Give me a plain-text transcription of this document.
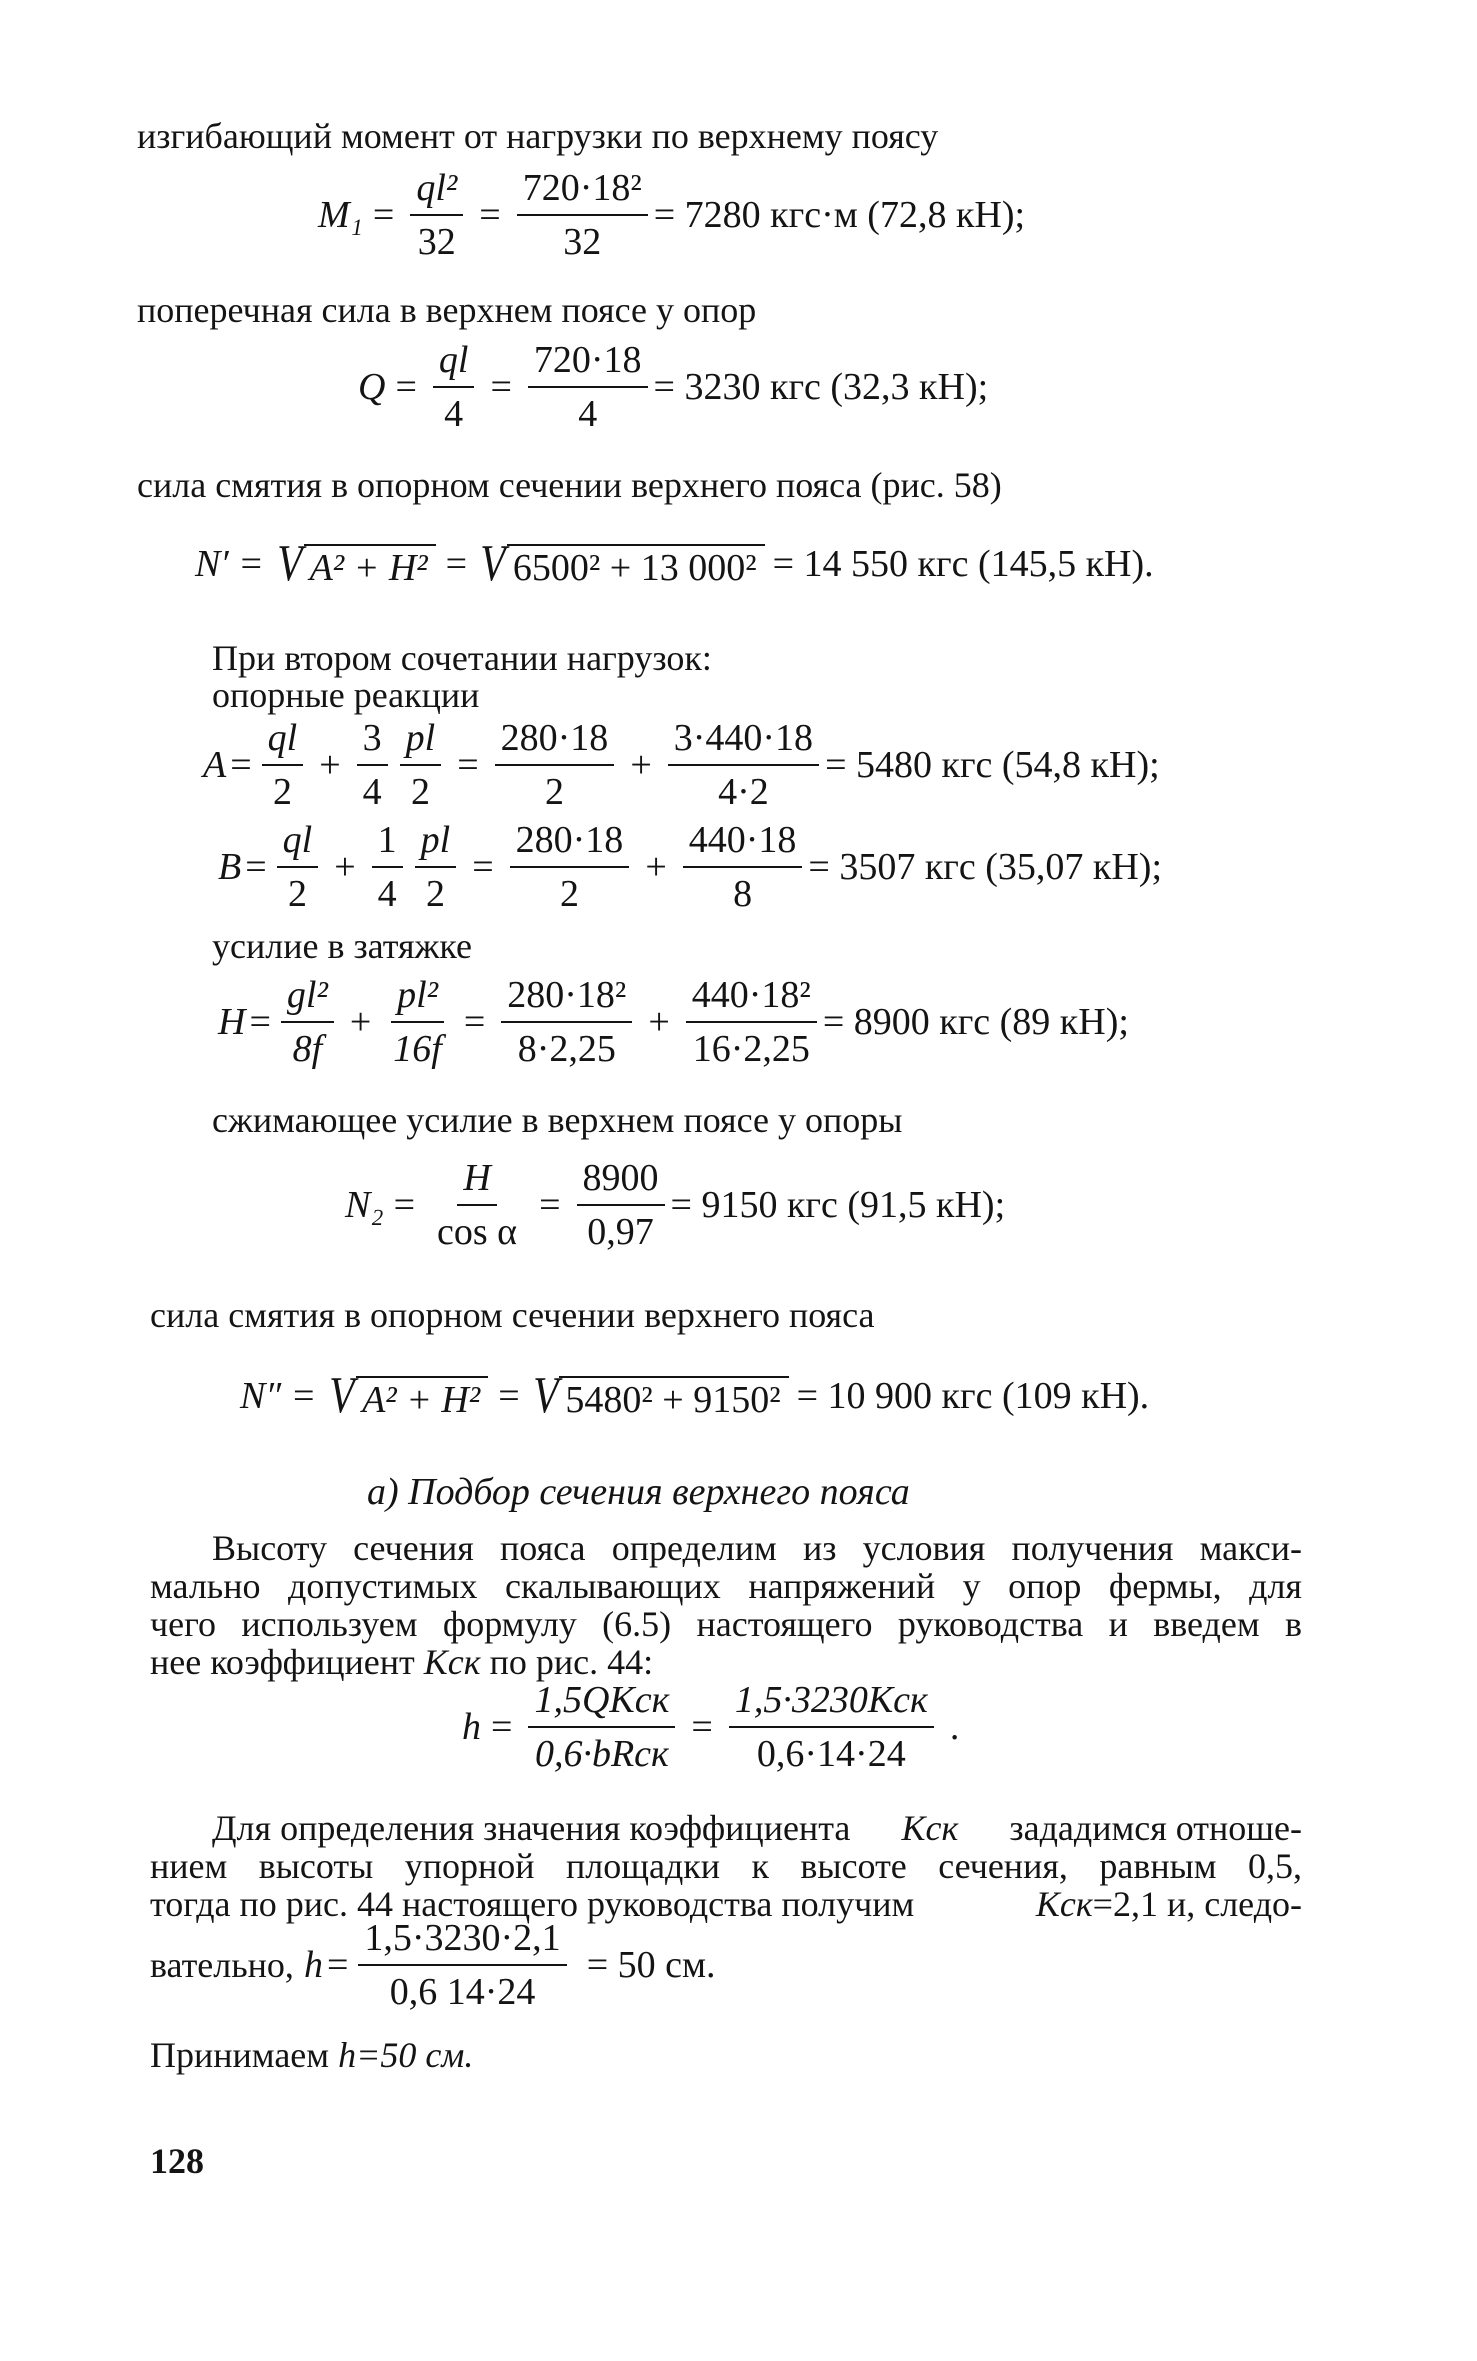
изгибающий момент от нагрузки по верхнему поясу
$M_1 = \frac{\text{ql²}}{32} = \frac{\text{720·18²}}{32} = 7280$ кгс·м (72,8 кН);
поперечная сила в верхнем поясе у опор
$Q = \frac{ql}{4} = \frac{720\cdot 18}{4} = 3230$ кгс (32,3 кН);
сила смятия в опорном сечении верхнего пояса (рис. 58)
N′ = V A² + H² = V 6500² + 13 000² = 14 550 кгс (145,5 кН).
При втором сочетании нагрузок:
опорные реакции
$A = \frac{ql}{2} + \frac{3}{4} \frac{pl}{2} = \frac{280\cdot 18}{2} + \frac{3\cdot 440\cdot 18}{4\cdot 2} = 5480$ кгс (54,8 кН);
$B = \frac{ql}{2} + \frac{1}{4} \frac{pl}{2} = \frac{280\cdot 18}{2} + \frac{440\cdot 18}{8} = 3507$ кгс (35,07 кН);
усилие в затяжке
$H = \frac{\text{gl²}}{8f} + \frac{\text{pl²}}{16f} = \frac{\text{280·18²}}{8\cdot 2,25} + \frac{\text{440·18²}}{16\cdot 2,25} = 8900$ кгс (89 кН);
сжимающее усилие в верхнем поясе у опоры
$N_2 = \frac{H}{\text{cos α}} = \frac{8900}{0,97} = 9150$ кгс (91,5 кН);
сила смятия в опорном сечении верхнего пояса
N″ = V A² + H² = V 5480² + 9150² = 10 900 кгс (109 кН).
а) Подбор сечения верхнего пояса
Высоту сечения пояса определим из условия получения макси-
мально допустимых скалывающих напряжений у опор фермы, для
чего используем формулу (6.5) настоящего руководства и введем в
нее коэффициент Kск по рис. 44:
$h = \frac{\text{1,5QKск}}{\text{0,6·bRск}} = \frac{\text{1,5·3230Kск}}{0,6\cdot 14\cdot 24}$ .
Для определения значения коэффициента Kск зададимся отноше-
нием высоты упорной площадки к высоте сечения, равным 0,5,
тогда по рис. 44 настоящего руководства получим	Kск=2,1 и, следо-
вательно, $h = \frac{1,5\cdot 3230\cdot 2,1}{0,6 14\cdot 24} = 50$ см.
Принимаем h=50 см.
128
